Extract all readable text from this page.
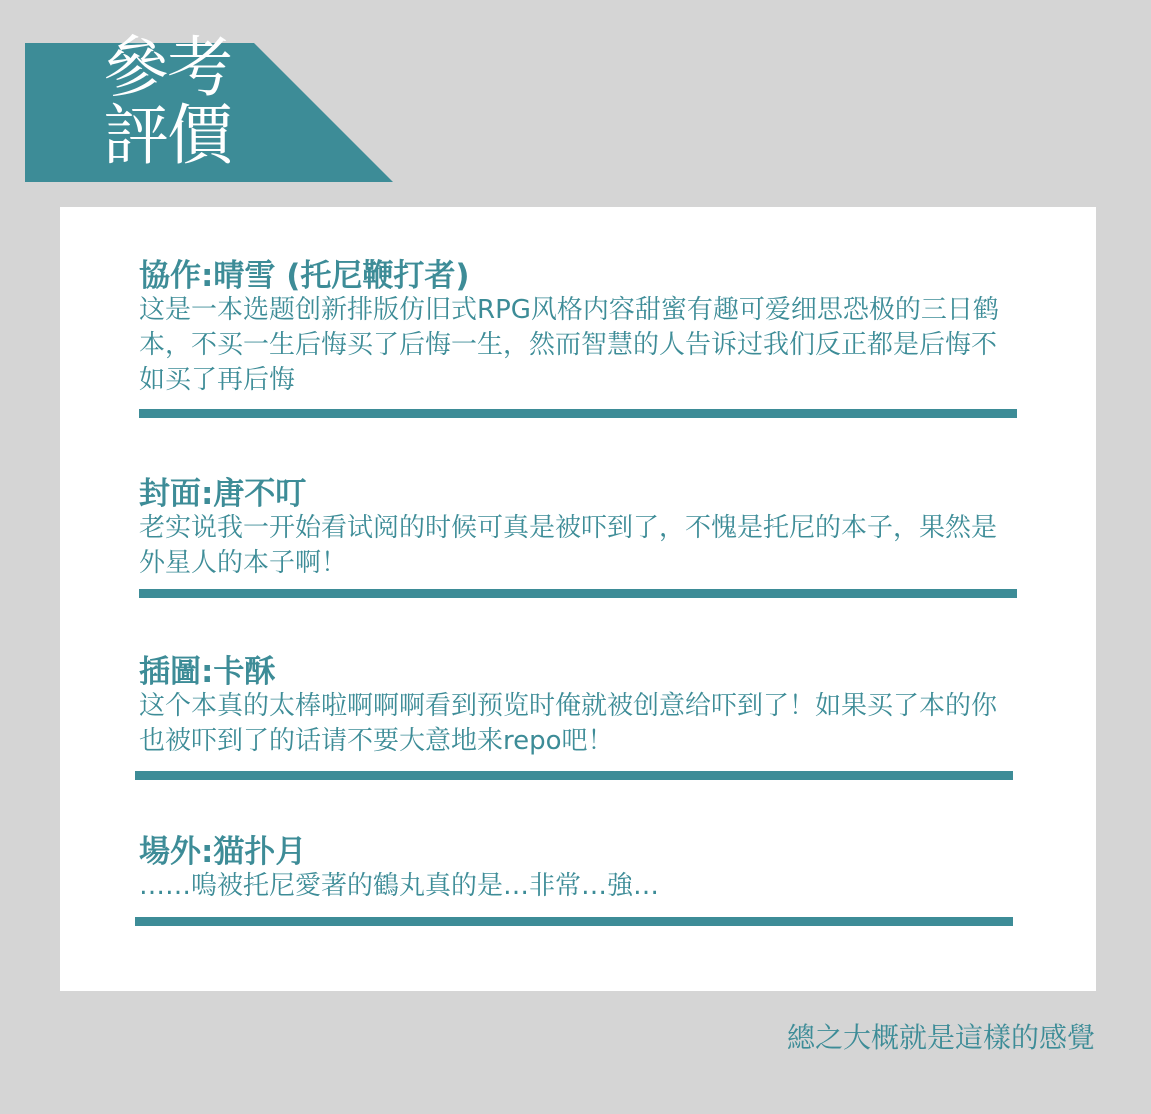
參考
評價
協作:晴雪 (托尼鞭打者)

这是一本选题创新排版仿旧式RPG风格内容甜蜜有趣可爱细思恐极的三日鹤本，不买一生后悔买了后悔一生，然而智慧的人告诉过我们反正都是后悔不如买了再后悔

封面:唐不叮

老实说我一开始看试阅的时候可真是被吓到了，不愧是托尼的本子，果然是外星人的本子啊！

插圖:卡酥

这个本真的太棒啦啊啊啊看到预览时俺就被创意给吓到了！如果买了本的你也被吓到了的话请不要大意地来repo吧！

場外:猫扑月

……嗚被托尼愛著的鶴丸真的是…非常…強…

總之大概就是這樣的感覺
